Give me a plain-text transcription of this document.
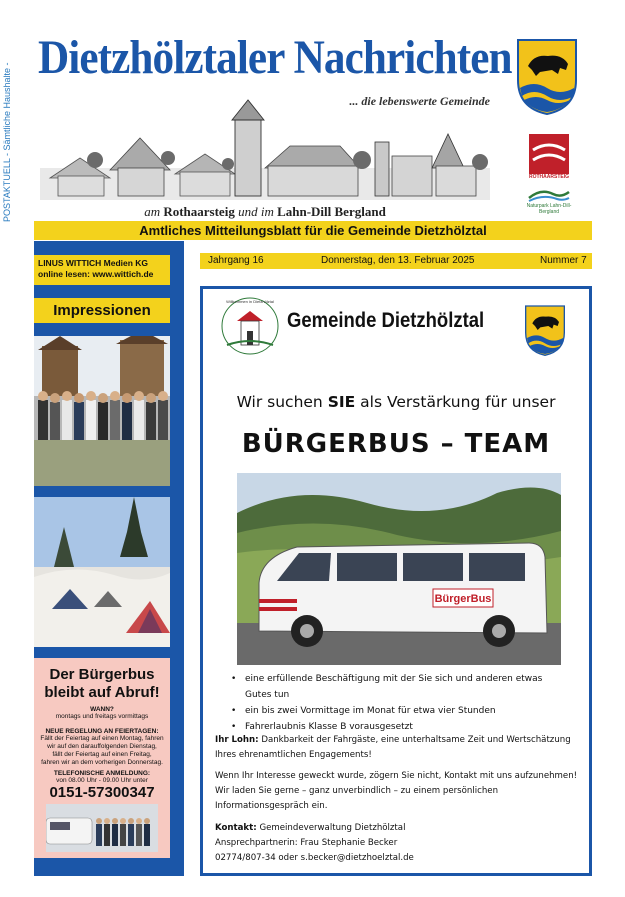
POSTAKTUELL - Sämtliche Haushalte -
Dietzhölztaler Nachrichten
... die lebenswerte Gemeinde
am Rothaarsteig und im Lahn-Dill Bergland
ROTHAARSTEIG
Naturpark Lahn-Dill-Bergland
Amtliches Mitteilungsblatt für die Gemeinde Dietzhölztal
LINUS WITTICH Medien KG
online lesen: www.wittich.de
Impressionen
Der Bürgerbus
bleibt auf Abruf!
WANN?
montags und freitags vormittags
NEUE REGELUNG AN FEIERTAGEN:
Fällt der Feiertag auf einen Montag, fahren
wir auf den darauffolgenden Dienstag,
fällt der Feiertag auf einen Freitag,
fahren wir an dem vorherigen Donnerstag.
TELEFONISCHE ANMELDUNG:
von 08.00 Uhr - 09.00 Uhr unter
0151-57300347
Jahrgang 16	Donnerstag, den 13. Februar 2025	Nummer 7
Willkommen in Dietzhölztal
Gemeinde Dietzhölztal
Wir suchen SIE als Verstärkung für unser
BÜRGERBUS – TEAM
BürgerBus
• eine erfüllende Beschäftigung mit der Sie sich und anderen etwas Gutes tun
• ein bis zwei Vormittage im Monat für etwa vier Stunden
• Fahrerlaubnis Klasse B vorausgesetzt
Ihr Lohn: Dankbarkeit der Fahrgäste, eine unterhaltsame Zeit und Wertschätzung Ihres ehrenamtlichen Engagements!
Wenn Ihr Interesse geweckt wurde, zögern Sie nicht, Kontakt mit uns aufzunehmen! Wir laden Sie gerne – ganz unverbindlich – zu einem persönlichen Informationsgespräch ein.
Kontakt: Gemeindeverwaltung Dietzhölztal
Ansprechpartnerin: Frau Stephanie Becker
02774/807-34 oder s.becker@dietzhoelztal.de
